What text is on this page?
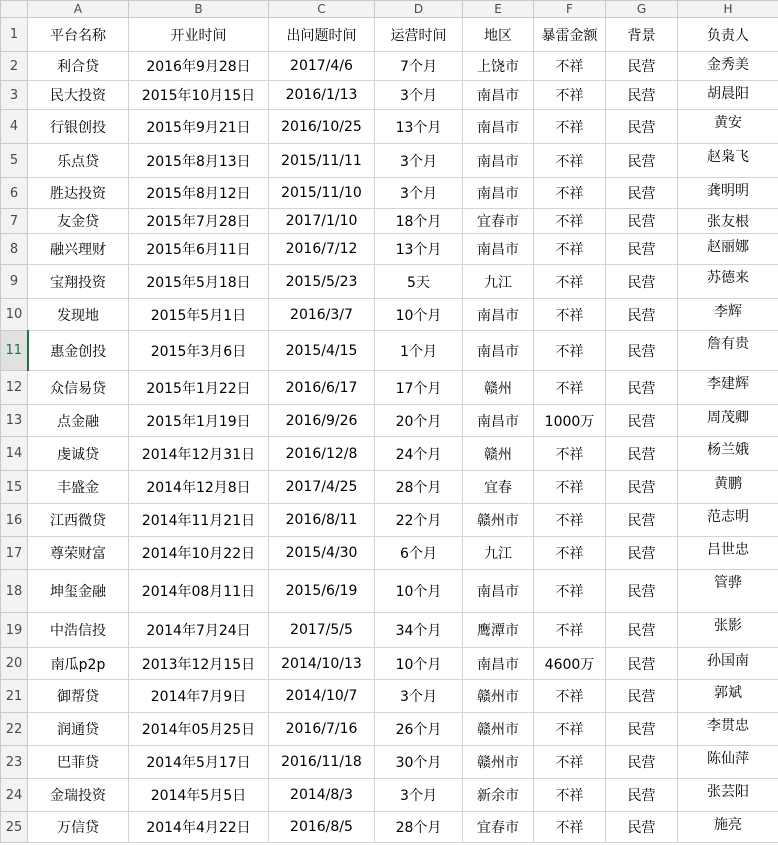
	A	B	C	D	E	F	G	H
1	平台名称	开业时间	出问题时间	运营时间	地区	暴雷金额	背景	负责人
2	利合贷	2016年9月28日	2017/4/6	7个月	上饶市	不祥	民营	金秀美
3	民大投资	2015年10月15日	2016/1/13	3个月	南昌市	不祥	民营	胡晨阳
4	行银创投	2015年9月21日	2016/10/25	13个月	南昌市	不祥	民营	黄安
5	乐点贷	2015年8月13日	2015/11/11	3个月	南昌市	不祥	民营	赵枭飞
6	胜达投资	2015年8月12日	2015/11/10	3个月	南昌市	不祥	民营	龚明明
7	友金贷	2015年7月28日	2017/1/10	18个月	宜春市	不祥	民营	张友根
8	融兴理财	2015年6月11日	2016/7/12	13个月	南昌市	不祥	民营	赵丽娜
9	宝翔投资	2015年5月18日	2015/5/23	5天	九江	不祥	民营	苏德来
10	发现地	2015年5月1日	2016/3/7	10个月	南昌市	不祥	民营	李辉
11	惠金创投	2015年3月6日	2015/4/15	1个月	南昌市	不祥	民营	詹有贵
12	众信易贷	2015年1月22日	2016/6/17	17个月	赣州	不祥	民营	李建辉
13	点金融	2015年1月19日	2016/9/26	20个月	南昌市	1000万	民营	周茂卿
14	虔诚贷	2014年12月31日	2016/12/8	24个月	赣州	不祥	民营	杨兰娥
15	丰盛金	2014年12月8日	2017/4/25	28个月	宜春	不祥	民营	黄鹏
16	江西微贷	2014年11月21日	2016/8/11	22个月	赣州市	不祥	民营	范志明
17	尊荣财富	2014年10月22日	2015/4/30	6个月	九江	不祥	民营	吕世忠
18	坤玺金融	2014年08月11日	2015/6/19	10个月	南昌市	不祥	民营	管骅
19	中浩信投	2014年7月24日	2017/5/5	34个月	鹰潭市	不祥	民营	张影
20	南瓜p2p	2013年12月15日	2014/10/13	10个月	南昌市	4600万	民营	孙国南
21	御帮贷	2014年7月9日	2014/10/7	3个月	赣州市	不祥	民营	郭斌
22	润通贷	2014年05月25日	2016/7/16	26个月	赣州市	不祥	民营	李贯忠
23	巴菲贷	2014年5月17日	2016/11/18	30个月	赣州市	不祥	民营	陈仙萍
24	金瑞投资	2014年5月5日	2014/8/3	3个月	新余市	不祥	民营	张芸阳
25	万信贷	2014年4月22日	2016/8/5	28个月	宜春市	不祥	民营	施亮
